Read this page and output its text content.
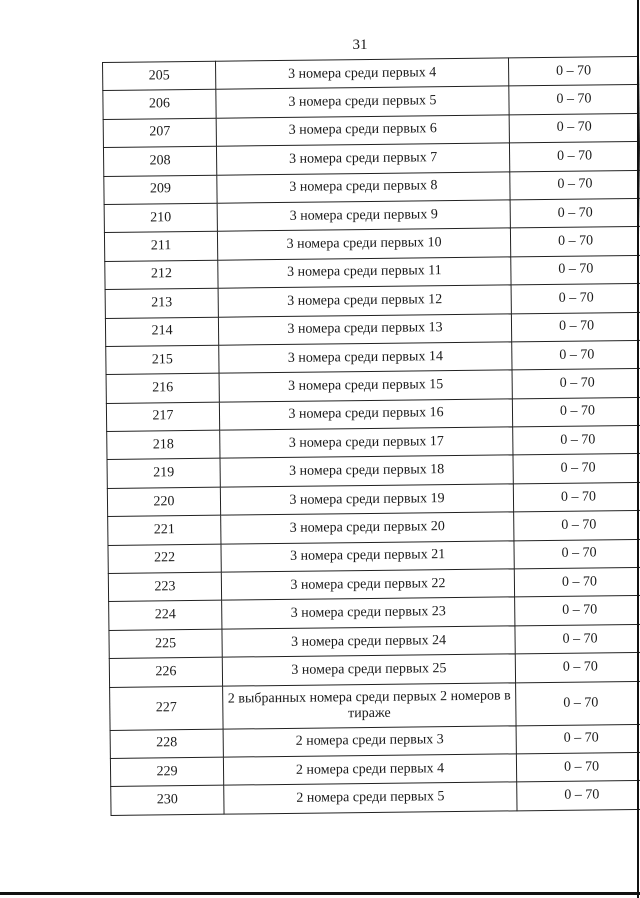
31
205	3 номера среди первых 4	0 – 70
206	3 номера среди первых 5	0 – 70
207	3 номера среди первых 6	0 – 70
208	3 номера среди первых 7	0 – 70
209	3 номера среди первых 8	0 – 70
210	3 номера среди первых 9	0 – 70
211	3 номера среди первых 10	0 – 70
212	3 номера среди первых 11	0 – 70
213	3 номера среди первых 12	0 – 70
214	3 номера среди первых 13	0 – 70
215	3 номера среди первых 14	0 – 70
216	3 номера среди первых 15	0 – 70
217	3 номера среди первых 16	0 – 70
218	3 номера среди первых 17	0 – 70
219	3 номера среди первых 18	0 – 70
220	3 номера среди первых 19	0 – 70
221	3 номера среди первых 20	0 – 70
222	3 номера среди первых 21	0 – 70
223	3 номера среди первых 22	0 – 70
224	3 номера среди первых 23	0 – 70
225	3 номера среди первых 24	0 – 70
226	3 номера среди первых 25	0 – 70
227	2 выбранных номера среди первых 2 номеров в тираже	0 – 70
228	2 номера среди первых 3	0 – 70
229	2 номера среди первых 4	0 – 70
230	2 номера среди первых 5	0 – 70
